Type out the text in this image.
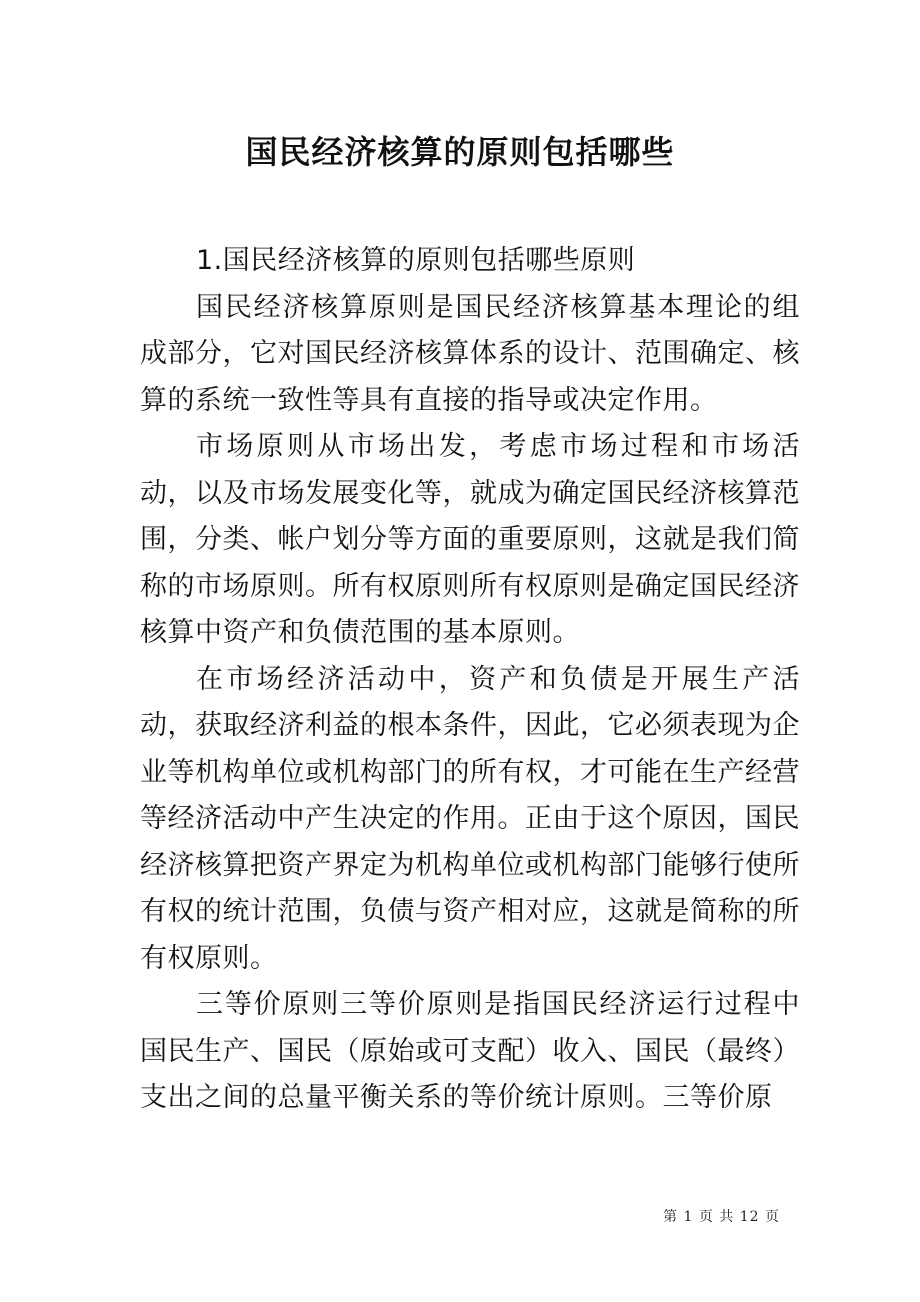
国民经济核算的原则包括哪些

1.国民经济核算的原则包括哪些原则

国民经济核算原则是国民经济核算基本理论的组成部分，它对国民经济核算体系的设计、范围确定、核算的系统一致性等具有直接的指导或决定作用。

市场原则从市场出发，考虑市场过程和市场活动，以及市场发展变化等，就成为确定国民经济核算范围，分类、帐户划分等方面的重要原则，这就是我们简称的市场原则。所有权原则所有权原则是确定国民经济核算中资产和负债范围的基本原则。

在市场经济活动中，资产和负债是开展生产活动，获取经济利益的根本条件，因此，它必须表现为企业等机构单位或机构部门的所有权，才可能在生产经营等经济活动中产生决定的作用。正由于这个原因，国民经济核算把资产界定为机构单位或机构部门能够行使所有权的统计范围，负债与资产相对应，这就是简称的所有权原则。

三等价原则三等价原则是指国民经济运行过程中国民生产、国民（原始或可支配）收入、国民（最终）支出之间的总量平衡关系的等价统计原则。三等价原

第 1 页 共 12 页
